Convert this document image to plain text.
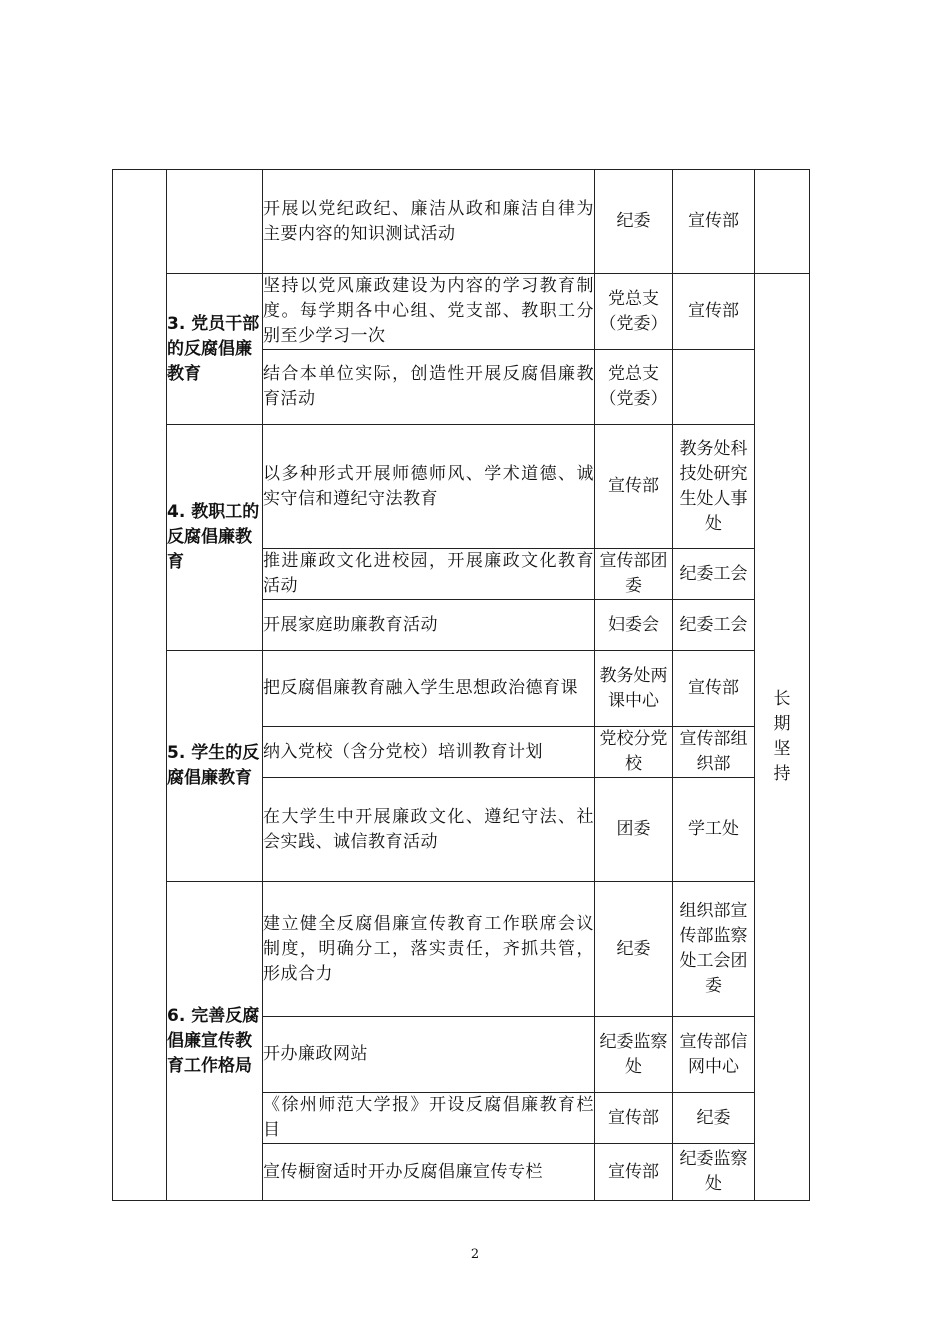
		开展以党纪政纪、廉洁从政和廉洁自律为主要内容的知识测试活动	纪委	宣传部	
	3. 党员干部的反腐倡廉教育	坚持以党风廉政建设为内容的学习教育制度。每学期各中心组、党支部、教职工分别至少学习一次	党总支（党委）	宣传部	长期坚持
		结合本单位实际，创造性开展反腐倡廉教育活动	党总支（党委）		
	4. 教职工的反腐倡廉教育	以多种形式开展师德师风、学术道德、诚实守信和遵纪守法教育	宣传部	教务处科技处研究生处人事处	
		推进廉政文化进校园，开展廉政文化教育活动	宣传部团委	纪委工会	
		开展家庭助廉教育活动	妇委会	纪委工会	
	5. 学生的反腐倡廉教育	把反腐倡廉教育融入学生思想政治德育课	教务处两课中心	宣传部	
		纳入党校（含分党校）培训教育计划	党校分党校	宣传部组织部	
		在大学生中开展廉政文化、遵纪守法、社会实践、诚信教育活动	团委	学工处	
	6. 完善反腐倡廉宣传教育工作格局	建立健全反腐倡廉宣传教育工作联席会议制度，明确分工，落实责任，齐抓共管，形成合力	纪委	组织部宣传部监察处工会团委	
		开办廉政网站	纪委监察处	宣传部信网中心	
		《徐州师范大学报》开设反腐倡廉教育栏目	宣传部	纪委	
		宣传橱窗适时开办反腐倡廉宣传专栏	宣传部	纪委监察处	
2
